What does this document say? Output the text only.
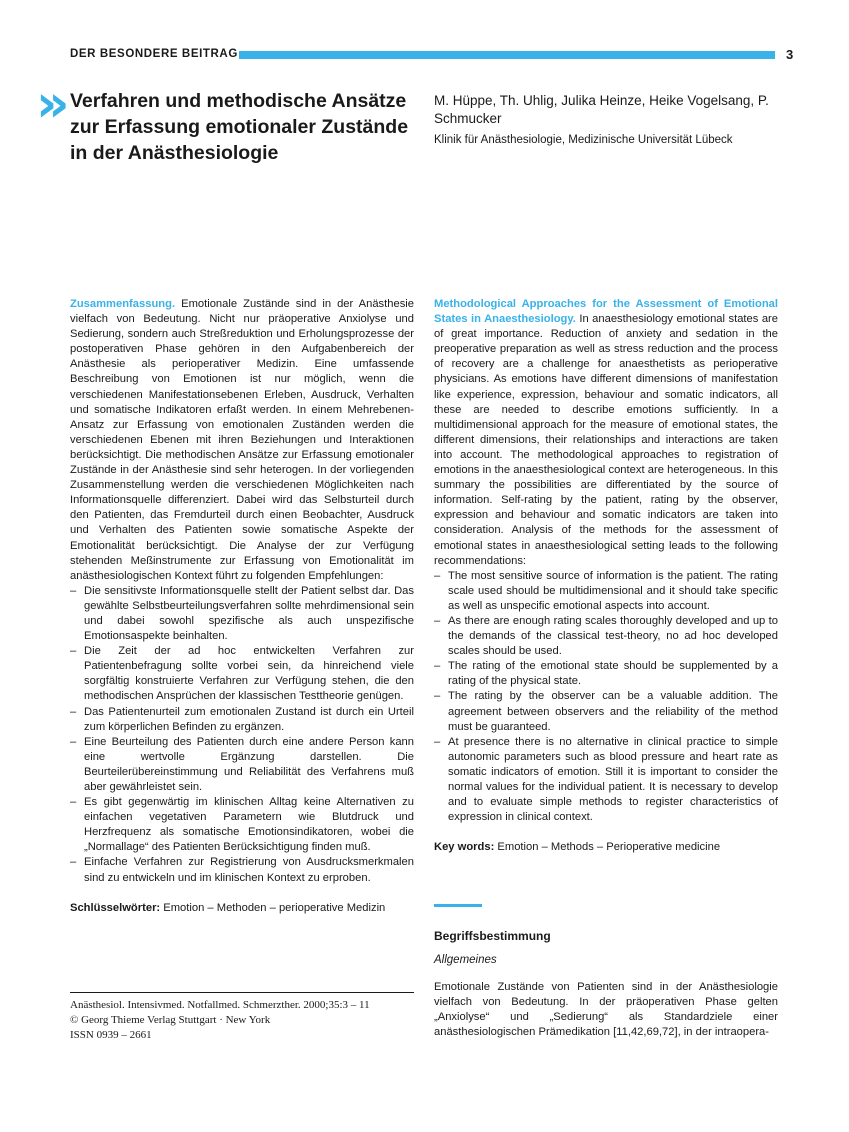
DER BESONDERE BEITRAG	3
» Verfahren und methodische Ansätze zur Erfassung emotionaler Zustände in der Anästhesiologie
M. Hüppe, Th. Uhlig, Julika Heinze, Heike Vogelsang, P. Schmucker
Klinik für Anästhesiologie, Medizinische Universität Lübeck

Zusammenfassung. Emotionale Zustände sind in der Anästhesie vielfach von Bedeutung. Nicht nur präoperative Anxiolyse und Sedierung, sondern auch Streßreduktion und Erholungsprozesse der postoperativen Phase gehören in den Aufgabenbereich der Anästhesie als perioperativer Medizin. Eine umfassende Beschreibung von Emotionen ist nur möglich, wenn die verschiedenen Manifestationsebenen Erleben, Ausdruck, Verhalten und somatische Indikatoren erfaßt werden. In einem Mehrebenen-Ansatz zur Erfassung von emotionalen Zuständen werden die verschiedenen Ebenen mit ihren Beziehungen und Interaktionen berücksichtigt. Die methodischen Ansätze zur Erfassung emotionaler Zustände in der Anästhesie sind sehr heterogen. In der vorliegenden Zusammenstellung werden die verschiedenen Möglichkeiten nach Informationsquelle differenziert. Dabei wird das Selbsturteil durch den Patienten, das Fremdurteil durch einen Beobachter, Ausdruck und Verhalten des Patienten sowie somatische Aspekte der Emotionalität berücksichtigt. Die Analyse der zur Verfügung stehenden Meßinstrumente zur Erfassung von Emotionalität im anästhesiologischen Kontext führt zu folgenden Empfehlungen:

– Die sensitivste Informationsquelle stellt der Patient selbst dar. Das gewählte Selbstbeurteilungsverfahren sollte mehrdimensional sein und dabei sowohl spezifische als auch unspezifische Emotionsaspekte beinhalten.
– Die Zeit der ad hoc entwickelten Verfahren zur Patientenbefragung sollte vorbei sein, da hinreichend viele sorgfältig konstruierte Verfahren zur Verfügung stehen, die den methodischen Ansprüchen der klassischen Testtheorie genügen.
– Das Patientenurteil zum emotionalen Zustand ist durch ein Urteil zum körperlichen Befinden zu ergänzen.
– Eine Beurteilung des Patienten durch eine andere Person kann eine wertvolle Ergänzung darstellen. Die Beurteilerübereinstimmung und Reliabilität des Verfahrens muß aber gewährleistet sein.
– Es gibt gegenwärtig im klinischen Alltag keine Alternativen zu einfachen vegetativen Parametern wie Blutdruck und Herzfrequenz als somatische Emotionsindikatoren, wobei die „Normallage“ des Patienten Berücksichtigung finden muß.
– Einfache Verfahren zur Registrierung von Ausdrucksmerkmalen sind zu entwickeln und im klinischen Kontext zu erproben.

Schlüsselwörter: Emotion – Methoden – perioperative Medizin

Methodological Approaches for the Assessment of Emotional States in Anaesthesiology. In anaesthesiology emotional states are of great importance. Reduction of anxiety and sedation in the preoperative preparation as well as stress reduction and the process of recovery are a challenge for anaesthetists as perioperative physicians. As emotions have different dimensions of manifestation like experience, expression, behaviour and somatic indicators, all these are needed to describe emotions sufficiently. In a multidimensional approach for the measure of emotional states, the different dimensions, their relationships and interactions are taken into account. The methodological approaches to registration of emotions in the anaesthesiological context are heterogeneous. In this summary the possibilities are differentiated by the source of information. Self-rating by the patient, rating by the observer, expression and behaviour and somatic indicators are taken into consideration. Analysis of the methods for the assessment of emotional states in anaesthesiological setting leads to the following recommendations:

– The most sensitive source of information is the patient. The rating scale used should be multidimensional and it should take specific as well as unspecific emotional aspects into account.
– As there are enough rating scales thoroughly developed and up to the demands of the classical test-theory, no ad hoc developed scales should be used.
– The rating of the emotional state should be supplemented by a rating of the physical state.
– The rating by the observer can be a valuable addition. The agreement between observers and the reliability of the method must be guaranteed.
– At presence there is no alternative in clinical practice to simple autonomic parameters such as blood pressure and heart rate as somatic indicators of emotion. Still it is important to consider the normal values for the individual patient. It is necessary to develop and to evaluate simple methods to register characteristics of expression in clinical context.

Key words: Emotion – Methods – Perioperative medicine

Anästhesiol. Intensivmed. Notfallmed. Schmerzther. 2000;35:3 – 11
© Georg Thieme Verlag Stuttgart · New York
ISSN 0939 – 2661
Begriffsbestimmung
Allgemeines

Emotionale Zustände von Patienten sind in der Anästhesiologie vielfach von Bedeutung. In der präoperativen Phase gelten „Anxiolyse“ und „Sedierung“ als Standardziele einer anästhesiologischen Prämedikation [11,42,69,72], in der intraopera-
